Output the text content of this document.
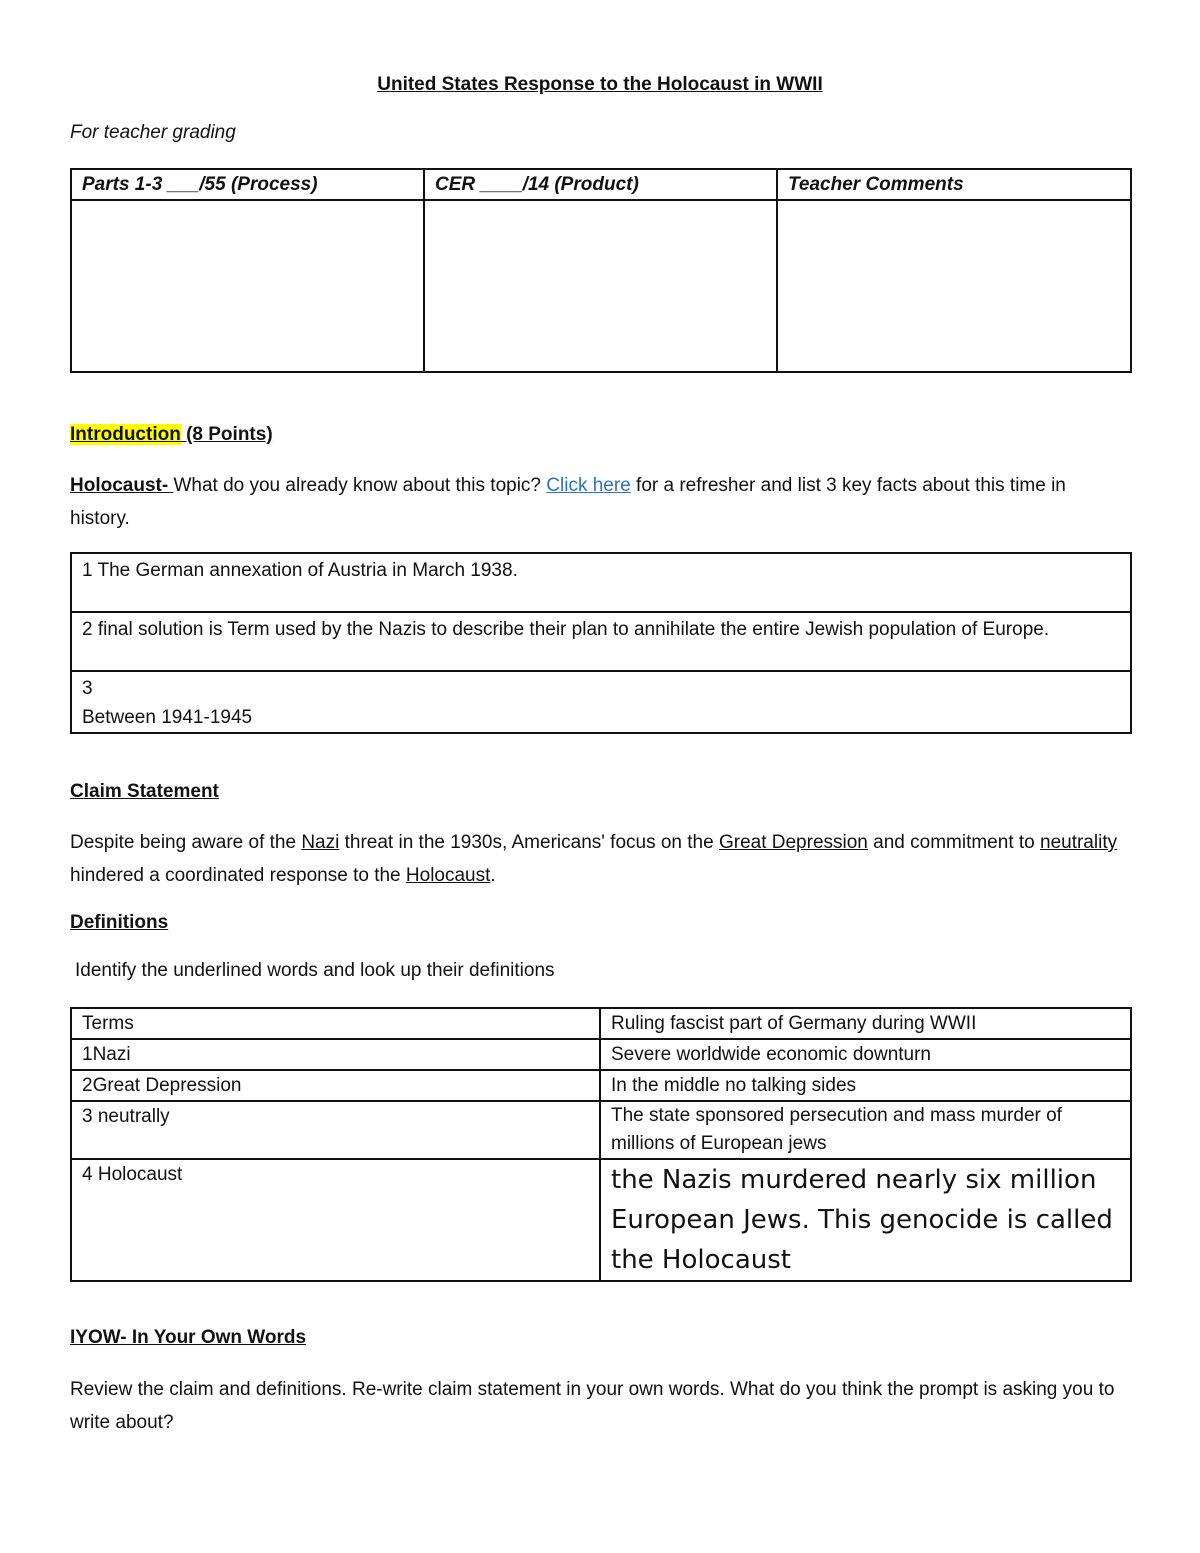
United States Response to the Holocaust in WWII
For teacher grading
Parts 1-3 ___/55 (Process)	CER ____/14 (Product)	Teacher Comments

Introduction (8 Points)
Holocaust- What do you already know about this topic? Click here for a refresher and list 3 key facts about this time in history.
1 The German annexation of Austria in March 1938.
2 final solution is Term used by the Nazis to describe their plan to annihilate the entire Jewish population of Europe.

3
Between 1941-1945
Claim Statement
Despite being aware of the Nazi threat in the 1930s, Americans' focus on the Great Depression and commitment to neutrality hindered a coordinated response to the Holocaust.
Definitions
Identify the underlined words and look up their definitions
Terms	Ruling fascist part of Germany during WWII
1Nazi	Severe worldwide economic downturn
2Great Depression	In the middle no talking sides
3 neutrally	The state sponsored persecution and mass murder of millions of European jews
4 Holocaust	the Nazis murdered nearly six million European Jews. This genocide is called the Holocaust
IYOW- In Your Own Words
Review the claim and definitions. Re-write claim statement in your own words. What do you think the prompt is asking you to write about?
